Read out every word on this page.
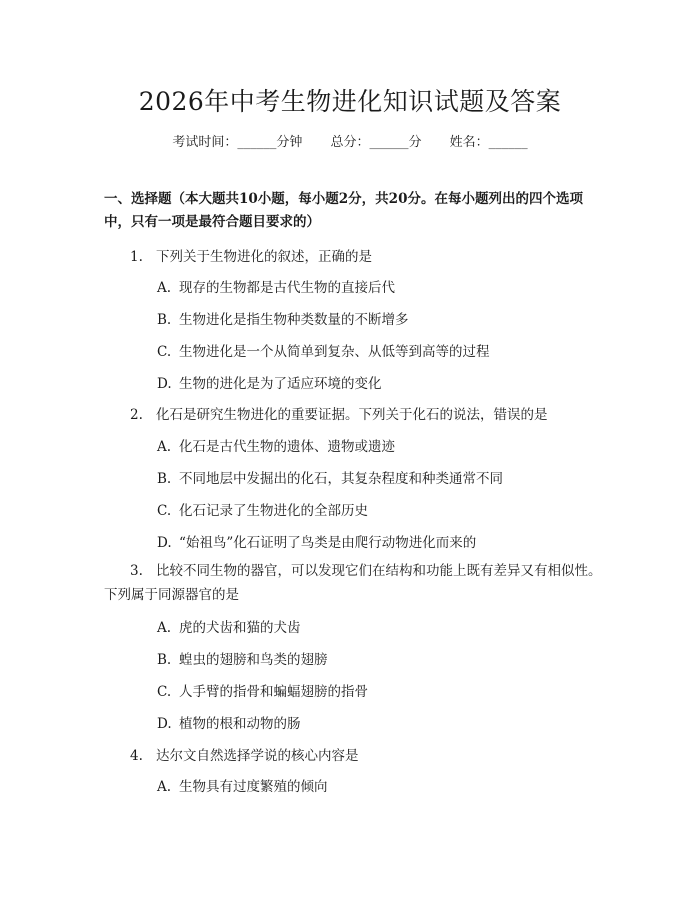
2026年中考生物进化知识试题及答案
考试时间：______分钟 总分：______分 姓名：______
一、选择题（本大题共10小题，每小题2分，共20分。在每小题列出的四个选项中，只有一项是最符合题目要求的）
1. 下列关于生物进化的叙述，正确的是
A. 现存的生物都是古代生物的直接后代
B. 生物进化是指生物种类数量的不断增多
C. 生物进化是一个从简单到复杂、从低等到高等的过程
D. 生物的进化是为了适应环境的变化
2. 化石是研究生物进化的重要证据。下列关于化石的说法，错误的是
A. 化石是古代生物的遗体、遗物或遗迹
B. 不同地层中发掘出的化石，其复杂程度和种类通常不同
C. 化石记录了生物进化的全部历史
D. “始祖鸟”化石证明了鸟类是由爬行动物进化而来的
3. 比较不同生物的器官，可以发现它们在结构和功能上既有差异又有相似性。下列属于同源器官的是
A. 虎的犬齿和猫的犬齿
B. 蝗虫的翅膀和鸟类的翅膀
C. 人手臂的指骨和蝙蝠翅膀的指骨
D. 植物的根和动物的肠
4. 达尔文自然选择学说的核心内容是
A. 生物具有过度繁殖的倾向
